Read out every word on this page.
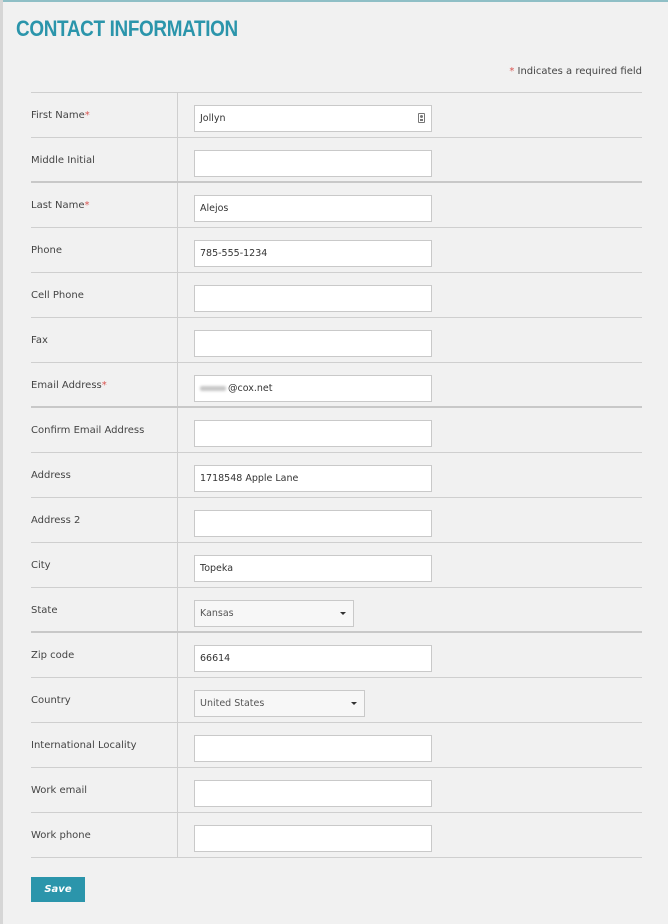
CONTACT INFORMATION
* Indicates a required field
First Name*	Jollyn
Middle Initial
Last Name*	Alejos
Phone	785-555-1234
Cell Phone
Fax
Email Address*	@cox.net
Confirm Email Address
Address	1718548 Apple Lane
Address 2
City	Topeka
State	Kansas
Zip code	66614
Country	United States
International Locality
Work email
Work phone
Save
